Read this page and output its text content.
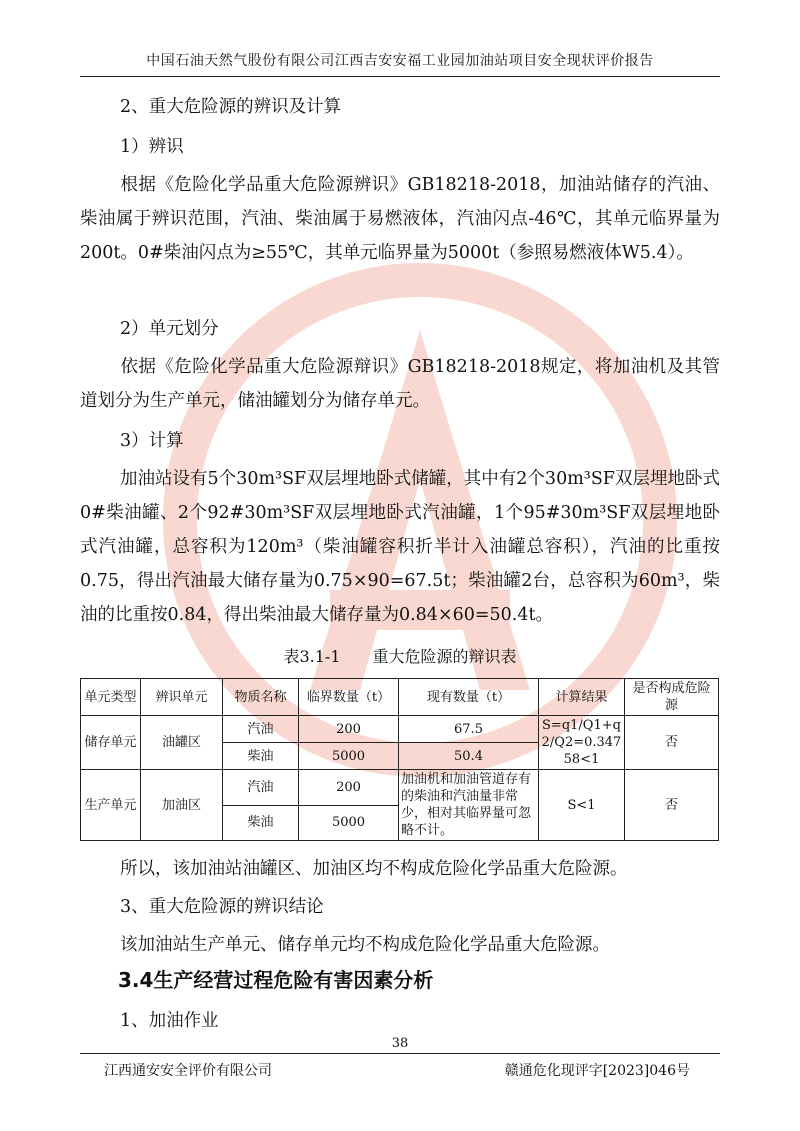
中国石油天然气股份有限公司江西吉安安福工业园加油站项目安全现状评价报告

2、重大危险源的辨识及计算

1）辨识

根据《危险化学品重大危险源辨识》GB18218-2018，加油站储存的汽油、柴油属于辨识范围，汽油、柴油属于易燃液体，汽油闪点-46℃，其单元临界量为200t。0#柴油闪点为≥55℃，其单元临界量为5000t（参照易燃液体W5.4）。

2）单元划分

依据《危险化学品重大危险源辩识》GB18218-2018规定，将加油机及其管道划分为生产单元，储油罐划分为储存单元。

3）计算

加油站设有5个30m³SF双层埋地卧式储罐，其中有2个30m³SF双层埋地卧式0#柴油罐、2个92#30m³SF双层埋地卧式汽油罐，1个95#30m³SF双层埋地卧式汽油罐，总容积为120m³（柴油罐容积折半计入油罐总容积），汽油的比重按0.75，得出汽油最大储存量为0.75×90=67.5t；柴油罐2台，总容积为60m³，柴油的比重按0.84，得出柴油最大储存量为0.84×60=50.4t。

表3.1-1　　重大危险源的辩识表
单元类型	辨识单元	物质名称	临界数量（t）	现有数量（t）	计算结果	是否构成危险源
储存单元	油罐区	汽油	200	67.5	S=q1/Q1+q2/Q2=0.34758<1	否
		柴油	5000	50.4		
生产单元	加油区	汽油	200	加油机和加油管道存有的柴油和汽油量非常少，相对其临界量可忽略不计。	S<1	否
		柴油	5000			
所以，该加油站油罐区、加油区均不构成危险化学品重大危险源。

3、重大危险源的辨识结论

该加油站生产单元、储存单元均不构成危险化学品重大危险源。

3.4生产经营过程危险有害因素分析

1、加油作业

38
江西通安安全评价有限公司	赣通危化现评字[2023]046号
